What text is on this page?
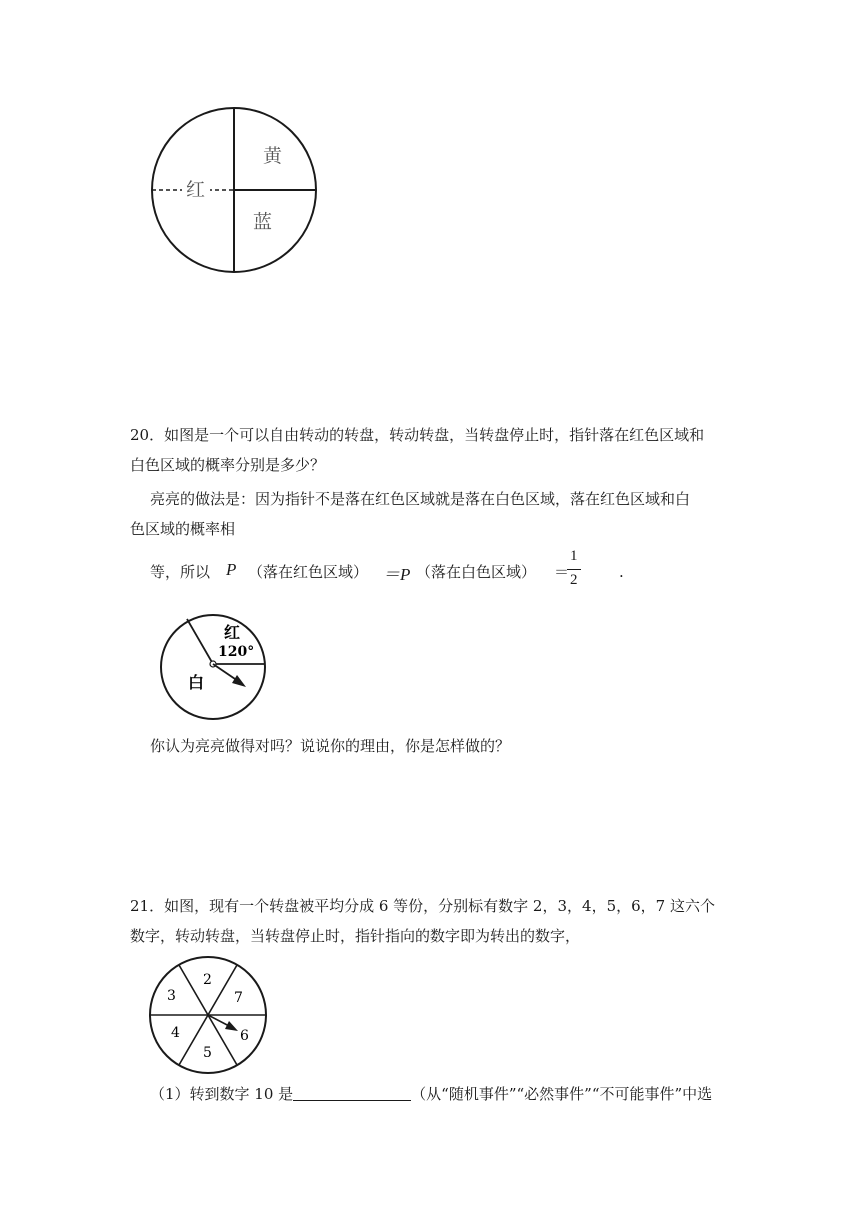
黄
红
蓝
20．如图是一个可以自由转动的转盘，转动转盘，当转盘停止时，指针落在红色区域和
白色区域的概率分别是多少？
亮亮的做法是：因为指针不是落在红色区域就是落在白色区域，落在红色区域和白
色区域的概率相
等，所以 P （落在红色区域） ＝P （落在白色区域） ＝
1
2	.
红
120°
白
你认为亮亮做得对吗？说说你的理由，你是怎样做的？
21．如图，现有一个转盘被平均分成 6 等份，分别标有数字 2，3，4，5，6，7 这六个
数字，转动转盘，当转盘停止时，指针指向的数字即为转出的数字，
2
7
6
5
4
3
（1）转到数字 10 是	（从“随机事件”“必然事件”“不可能事件”中选
